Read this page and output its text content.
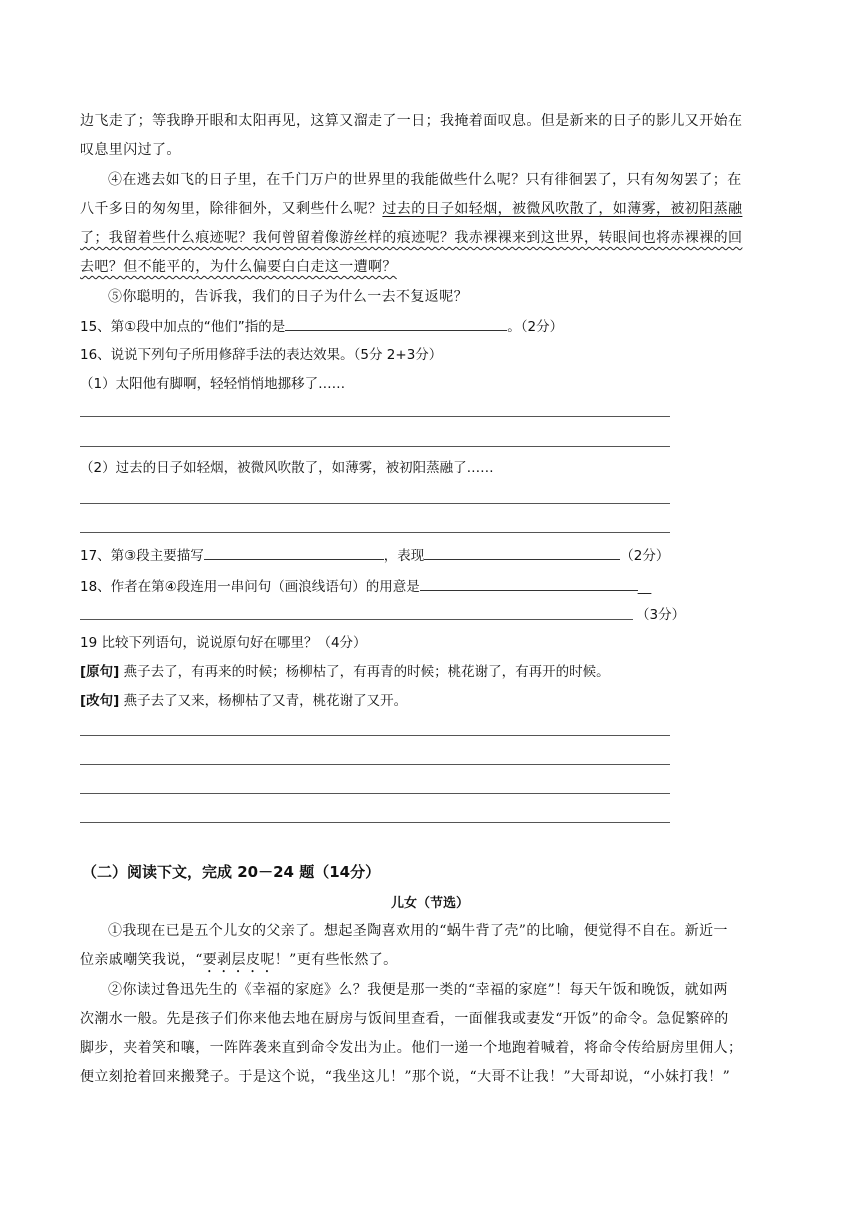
边飞走了；等我睁开眼和太阳再见，这算又溜走了一日；我掩着面叹息。但是新来的日子的影儿又开始在
叹息里闪过了。
④在逃去如飞的日子里，在千门万户的世界里的我能做些什么呢？只有徘徊罢了，只有匆匆罢了；在
八千多日的匆匆里，除徘徊外，又剩些什么呢？过去的日子如轻烟，被微风吹散了，如薄雾，被初阳蒸融
了；我留着些什么痕迹呢？我何曾留着像游丝样的痕迹呢？我赤裸裸来到这世界，转眼间也将赤裸裸的回
去吧？但不能平的，为什么偏要白白走这一遭啊？
⑤你聪明的，告诉我，我们的日子为什么一去不复返呢？
15、第①段中加点的“他们”指的是	。（2分）
16、说说下列句子所用修辞手法的表达效果。（5分 2+3分）
（1）太阳他有脚啊，轻轻悄悄地挪移了……
（2）过去的日子如轻烟，被微风吹散了，如薄雾，被初阳蒸融了……
17、第③段主要描写	，表现	（2分）
18、作者在第④段连用一串问句（画浪线语句）的用意是	__
（3分）
19 比较下列语句，说说原句好在哪里？（4分）
[原句] 燕子去了，有再来的时候；杨柳枯了，有再青的时候；桃花谢了，有再开的时候。
[改句] 燕子去了又来，杨柳枯了又青，桃花谢了又开。
（二）阅读下文，完成 20－24 题（14分）
儿女（节选）
①我现在已是五个儿女的父亲了。想起圣陶喜欢用的“蜗牛背了壳”的比喻，便觉得不自在。新近一
位亲戚嘲笑我说，“要剥层皮呢！”更有些怅然了。
②你读过鲁迅先生的《幸福的家庭》么？我便是那一类的“幸福的家庭”！每天午饭和晚饭，就如两
次潮水一般。先是孩子们你来他去地在厨房与饭间里查看，一面催我或妻发“开饭”的命令。急促繁碎的
脚步，夹着笑和嚷，一阵阵袭来直到命令发出为止。他们一递一个地跑着喊着，将命令传给厨房里佣人；
便立刻抢着回来搬凳子。于是这个说，“我坐这儿！”那个说，“大哥不让我！”大哥却说，“小妹打我！”
